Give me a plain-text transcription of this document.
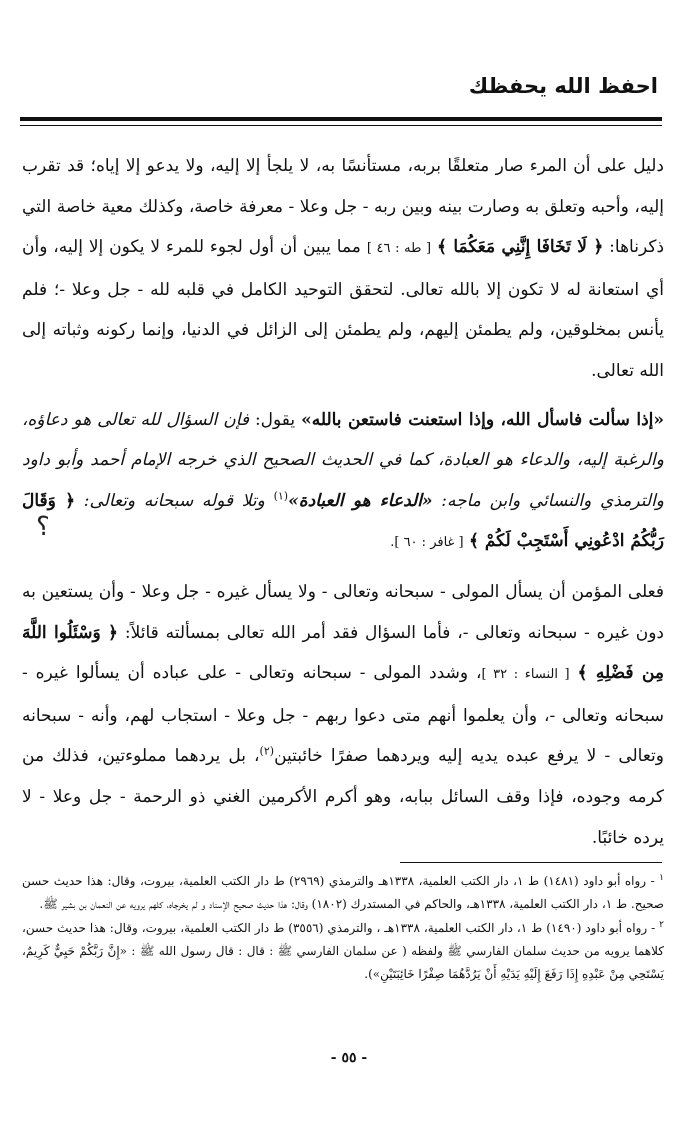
احفظ الله يحفظك

دليل على أن المرء صار متعلقًا بربه، مستأنسًا به، لا يلجأ إلا إليه، ولا يدعو إلا إياه؛ قد تقرب إليه، وأحبه وتعلق به وصارت بينه وبين ربه - جل وعلا - معرفة خاصة، وكذلك معية خاصة التي ذكرناها: ﴿ لَا تَخَافَا إِنَّنِي مَعَكُمَا ﴾ [ طه : ٤٦ ] مما يبين أن أول لجوء للمرء لا يكون إلا إليه، وأن أي استعانة له لا تكون إلا بالله تعالى. لتحقق التوحيد الكامل في قلبه لله - جل وعلا -؛ فلم يأنس بمخلوقين، ولم يطمئن إليهم، ولم يطمئن إلى الزائل في الدنيا، وإنما ركونه وثباته إلى الله تعالى.

«إذا سألت فاسأل الله، وإذا استعنت فاستعن بالله» يقول: فإن السؤال لله تعالى هو دعاؤه، والرغبة إليه، والدعاء هو العبادة، كما في الحديث الصحيح الذي خرجه الإمام أحمد وأبو داود والترمذي والنسائي وابن ماجه: «الدعاء هو العبادة»$^{(١)}$ وتلا قوله سبحانه وتعالى: ﴿ وَقَالَ رَبُّكُمُ ادْعُونِي أَسْتَجِبْ لَكُمْ ﴾ [ غافر : ٦٠ ].

فعلى المؤمن أن يسأل المولى - سبحانه وتعالى - ولا يسأل غيره - جل وعلا - وأن يستعين به دون غيره - سبحانه وتعالى -، فأما السؤال فقد أمر الله تعالى بمسألته قائلاً: ﴿ وَسْئَلُوا اللَّهَ مِن فَضْلِهِ ﴾ [ النساء : ٣٢ ]، وشدد المولى - سبحانه وتعالى - على عباده أن يسألوا غيره - سبحانه وتعالى -، وأن يعلموا أنهم متى دعوا ربهم - جل وعلا - استجاب لهم، وأنه - سبحانه وتعالى - لا يرفع عبده يديه إليه ويردهما صفرًا خائبتين$^{(٢)}$، بل يردهما مملوءتين، فذلك من كرمه وجوده، فإذا وقف السائل ببابه، وهو أكرم الأكرمين الغني ذو الرحمة - جل وعلا - لا يرده خائبًا.

؟

$^١$ - رواه أبو داود (١٤٨١) ط ١، دار الكتب العلمية، ١٣٣٨هـ والترمذي (٢٩٦٩) ط دار الكتب العلمية، بيروت، وقال: هذا حديث حسن صحيح. ط ١، دار الكتب العلمية، ١٣٣٨هـ، والحاكم في المستدرك (١٨٠٢) وقال: هذا حديث صحيح الإسناد و لم يخرجاه، كلهم يرويه عن النعمان بن بشير ﷺ.

$^٢$ - رواه أبو داود (١٤٩٠) ط ١، دار الكتب العلمية، ١٣٣٨هـ ، والترمذي (٣٥٥٦) ط دار الكتب العلمية، بيروت، وقال: هذا حديث حسن، كلاهما يرويه من حديث سلمان الفارسي ﷺ ولفظه ( عن سلمان الفارسي ﷺ : قال : قال رسول الله ﷺ : «إِنَّ رَبَّكُمْ حَيِيٌّ كَرِيمٌ، يَسْتَحِي مِنْ عَبْدِهِ إِذَا رَفَعَ إِلَيْهِ يَدَيْهِ أَنْ يَرُدَّهُمَا صِفْرًا خَائِبَتَيْنِ»).

- ٥٥ -
